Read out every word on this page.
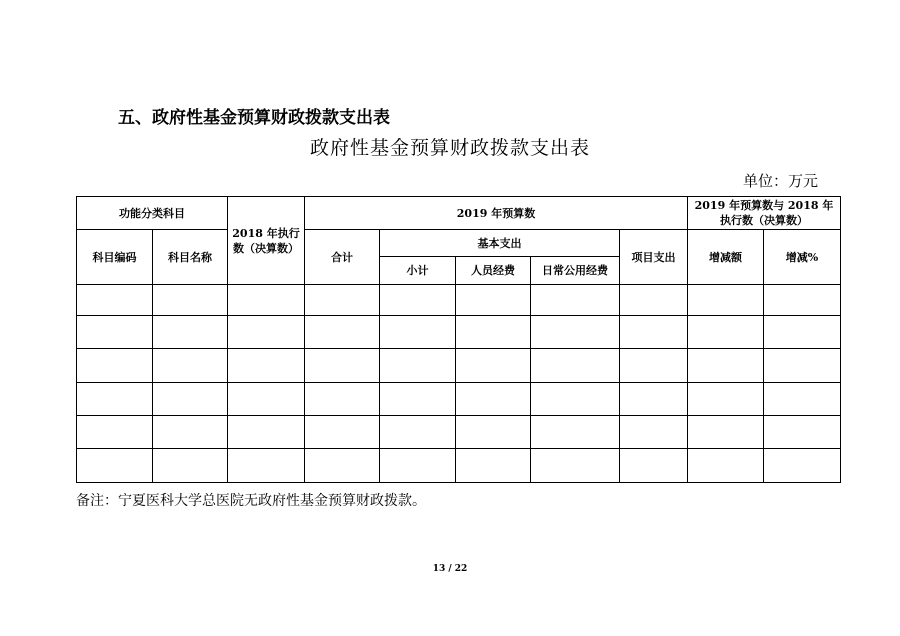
五、政府性基金预算财政拨款支出表
政府性基金预算财政拨款支出表
单位：万元
功能分类科目		2018 年执行数（决算数）	2019 年预算数					2019 年预算数与 2018 年执行数（决算数）	
科目编码	科目名称		合计	基本支出			项目支出	增减额	增减%
				小计	人员经费	日常公用经费			

备注：宁夏医科大学总医院无政府性基金预算财政拨款。
13 / 22
